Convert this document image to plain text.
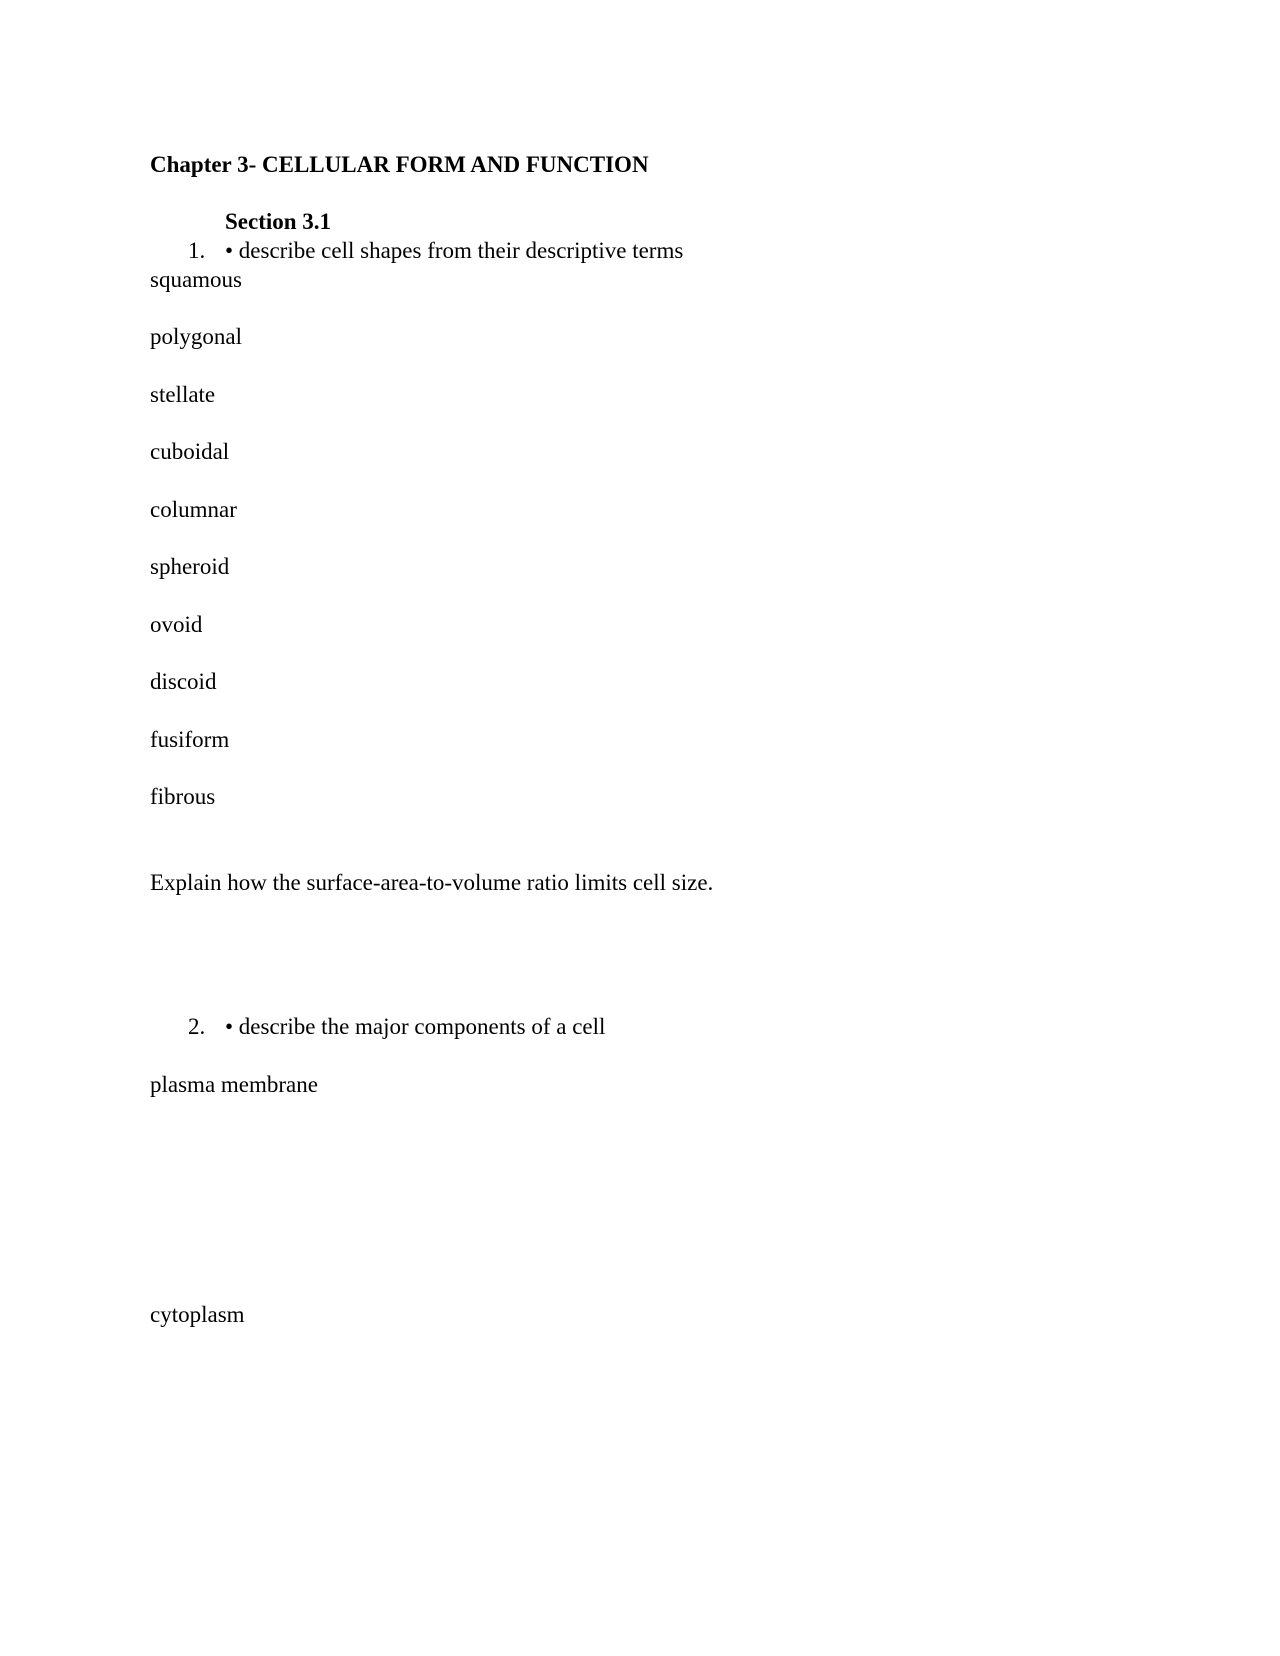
Chapter 3- CELLULAR FORM AND FUNCTION
Section 3.1
1. • describe cell shapes from their descriptive terms
squamous
polygonal
stellate
cuboidal
columnar
spheroid
ovoid
discoid
fusiform
fibrous
Explain how the surface-area-to-volume ratio limits cell size.
2. • describe the major components of a cell
plasma membrane
cytoplasm
